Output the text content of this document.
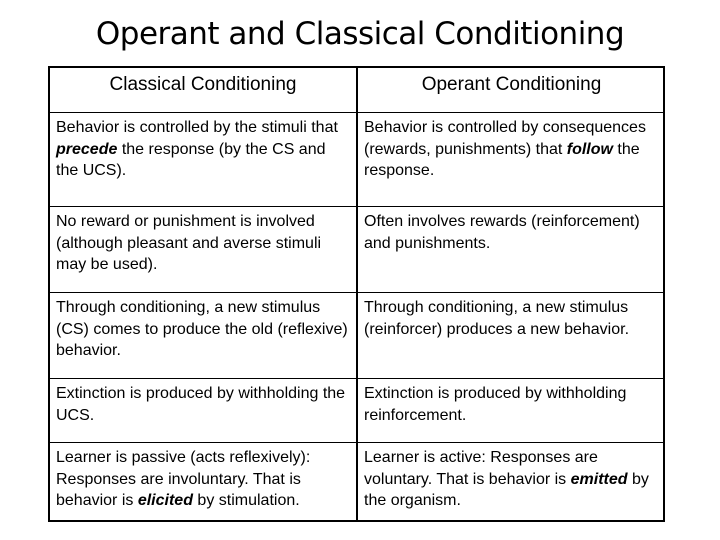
Operant and Classical Conditioning
Classical Conditioning	Operant Conditioning
Behavior is controlled by the stimuli that precede the response (by the CS and the UCS).
Behavior is controlled by consequences (rewards, punishments) that follow the response.
No reward or punishment is involved (although pleasant and averse stimuli may be used).
Often involves rewards (reinforcement) and punishments.
Through conditioning, a new stimulus (CS) comes to produce the old (reflexive) behavior.
Through conditioning, a new stimulus (reinforcer) produces a new behavior.
Extinction is produced by withholding the UCS.
Extinction is produced by withholding reinforcement.
Learner is passive (acts reflexively): Responses are involuntary. That is behavior is elicited by stimulation.
Learner is active: Responses are voluntary. That is behavior is emitted by the organism.
